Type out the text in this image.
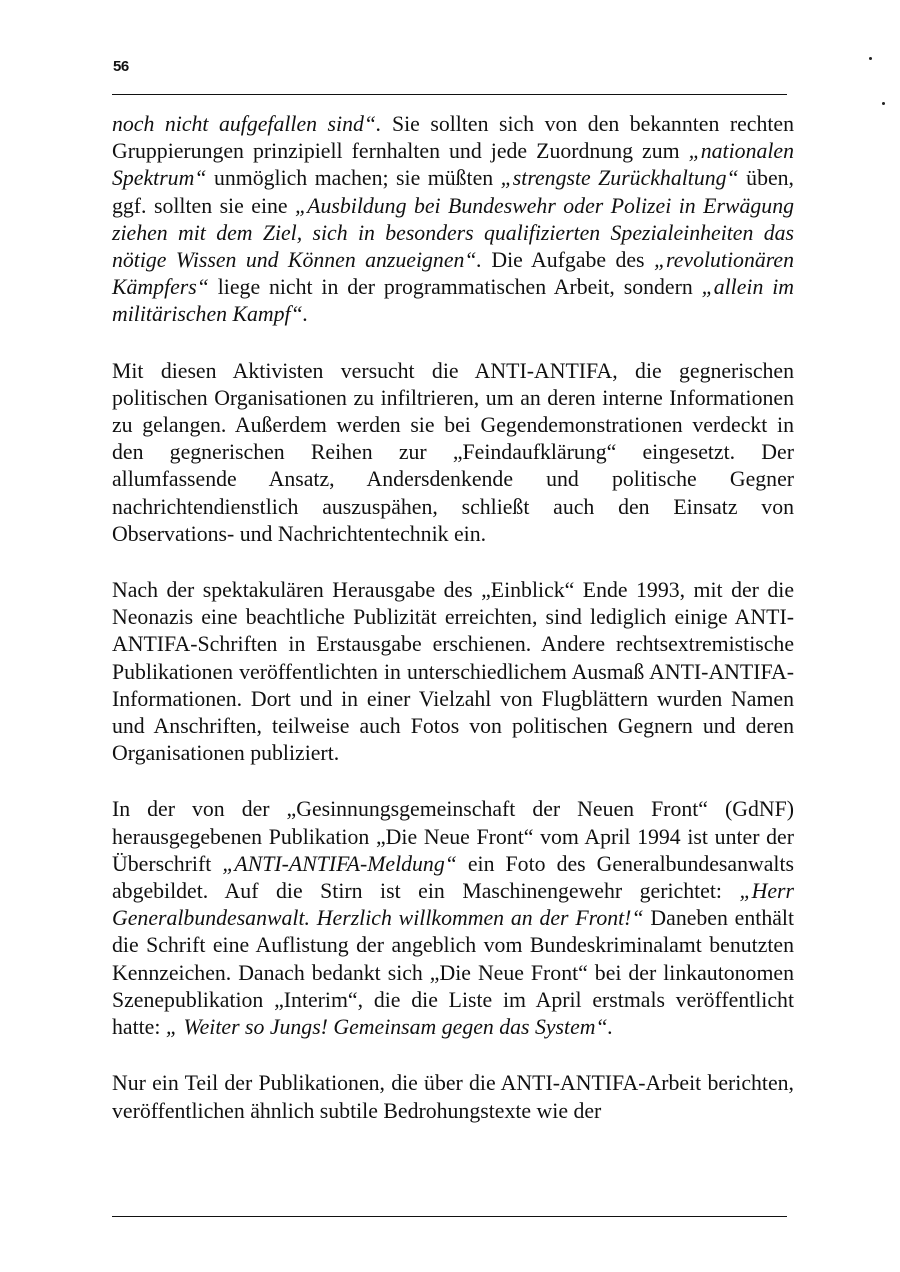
56

noch nicht aufgefallen sind“. Sie sollten sich von den bekannten rechten Gruppierungen prinzipiell fernhalten und jede Zuordnung zum „nationalen Spektrum“ unmöglich machen; sie müßten „strengste Zurückhaltung“ üben, ggf. sollten sie eine „Ausbildung bei Bundeswehr oder Polizei in Erwägung ziehen mit dem Ziel, sich in besonders qualifizierten Spezialeinheiten das nötige Wissen und Können anzueignen“. Die Aufgabe des „revolutionären Kämpfers“ liege nicht in der programmatischen Arbeit, sondern „allein im militärischen Kampf“.

Mit diesen Aktivisten versucht die ANTI-ANTIFA, die gegnerischen politischen Organisationen zu infiltrieren, um an deren interne Informationen zu gelangen. Außerdem werden sie bei Gegendemonstrationen verdeckt in den gegnerischen Reihen zur „Feindaufklärung“ eingesetzt. Der allumfassende Ansatz, Andersdenkende und politische Gegner nachrichtendienstlich auszuspähen, schließt auch den Einsatz von Observations- und Nachrichtentechnik ein.

Nach der spektakulären Herausgabe des „Einblick“ Ende 1993, mit der die Neonazis eine beachtliche Publizität erreichten, sind lediglich einige ANTI-ANTIFA-Schriften in Erstausgabe erschienen. Andere rechtsextremistische Publikationen veröffentlichten in unterschiedlichem Ausmaß ANTI-ANTIFA-Informationen. Dort und in einer Vielzahl von Flugblättern wurden Namen und Anschriften, teilweise auch Fotos von politischen Gegnern und deren Organisationen publiziert.

In der von der „Gesinnungsgemeinschaft der Neuen Front“ (GdNF) herausgegebenen Publikation „Die Neue Front“ vom April 1994 ist unter der Überschrift „ANTI-ANTIFA-Meldung“ ein Foto des Generalbundesanwalts abgebildet. Auf die Stirn ist ein Maschinengewehr gerichtet: „Herr Generalbundesanwalt. Herzlich willkommen an der Front!“ Daneben enthält die Schrift eine Auflistung der angeblich vom Bundeskriminalamt benutzten Kennzeichen. Danach bedankt sich „Die Neue Front“ bei der linkautonomen Szenepublikation „Interim“, die die Liste im April erstmals veröffentlicht hatte: „ Weiter so Jungs! Gemeinsam gegen das System“.

Nur ein Teil der Publikationen, die über die ANTI-ANTIFA-Arbeit berichten, veröffentlichen ähnlich subtile Bedrohungstexte wie der
